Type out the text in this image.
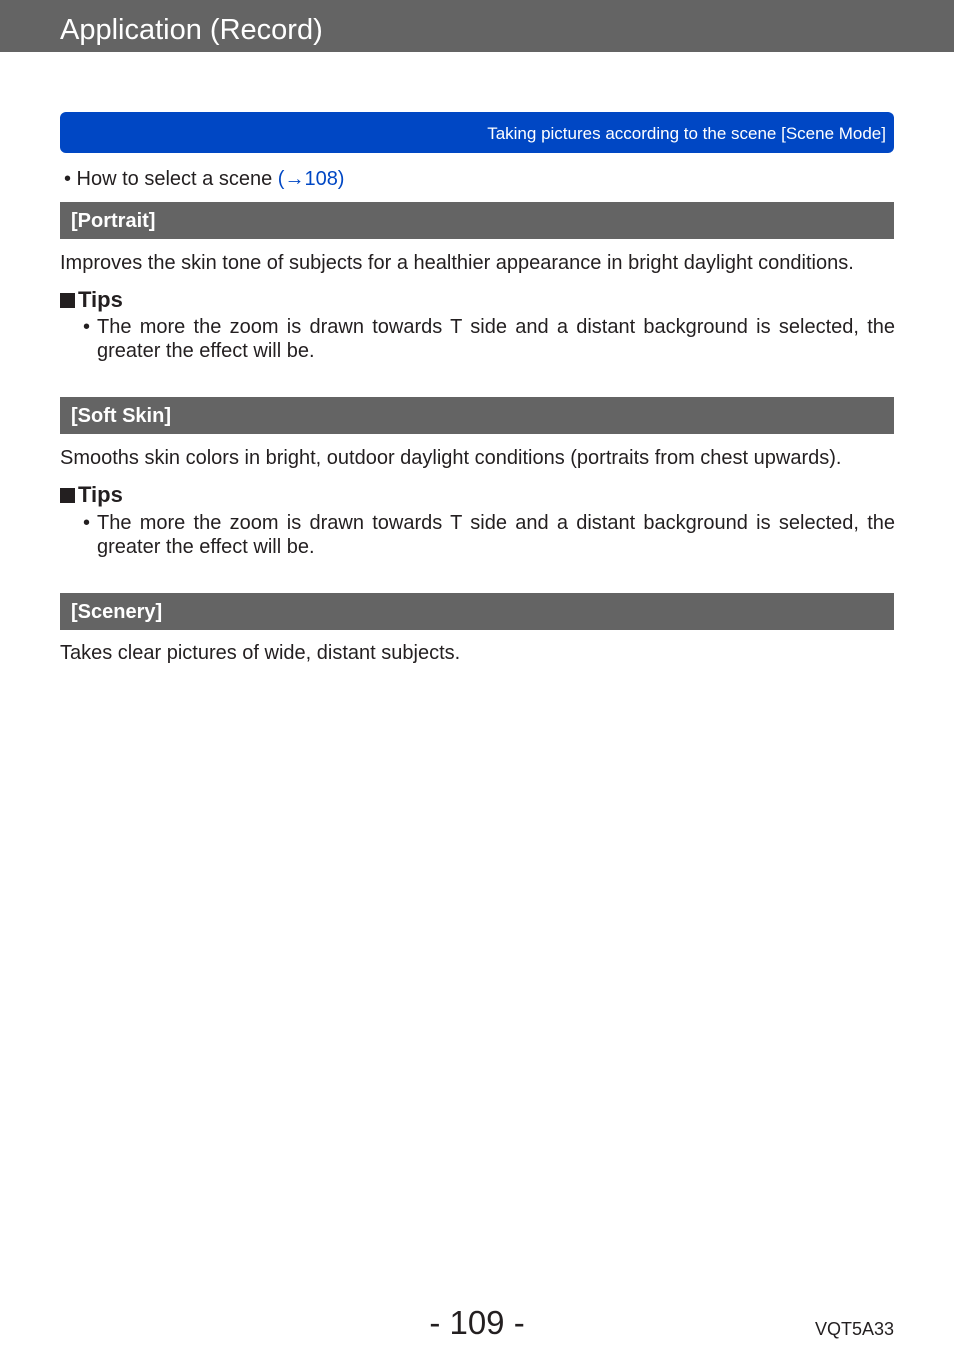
Application (Record)
Taking pictures according to the scene [Scene Mode]
• How to select a scene (→108)
[Portrait]
Improves the skin tone of subjects for a healthier appearance in bright daylight conditions.
Tips
• The more the zoom is drawn towards T side and a distant background is selected, the greater the effect will be.
[Soft Skin]
Smooths skin colors in bright, outdoor daylight conditions (portraits from chest upwards).
Tips
• The more the zoom is drawn towards T side and a distant background is selected, the greater the effect will be.
[Scenery]
Takes clear pictures of wide, distant subjects.
- 109 -	VQT5A33
